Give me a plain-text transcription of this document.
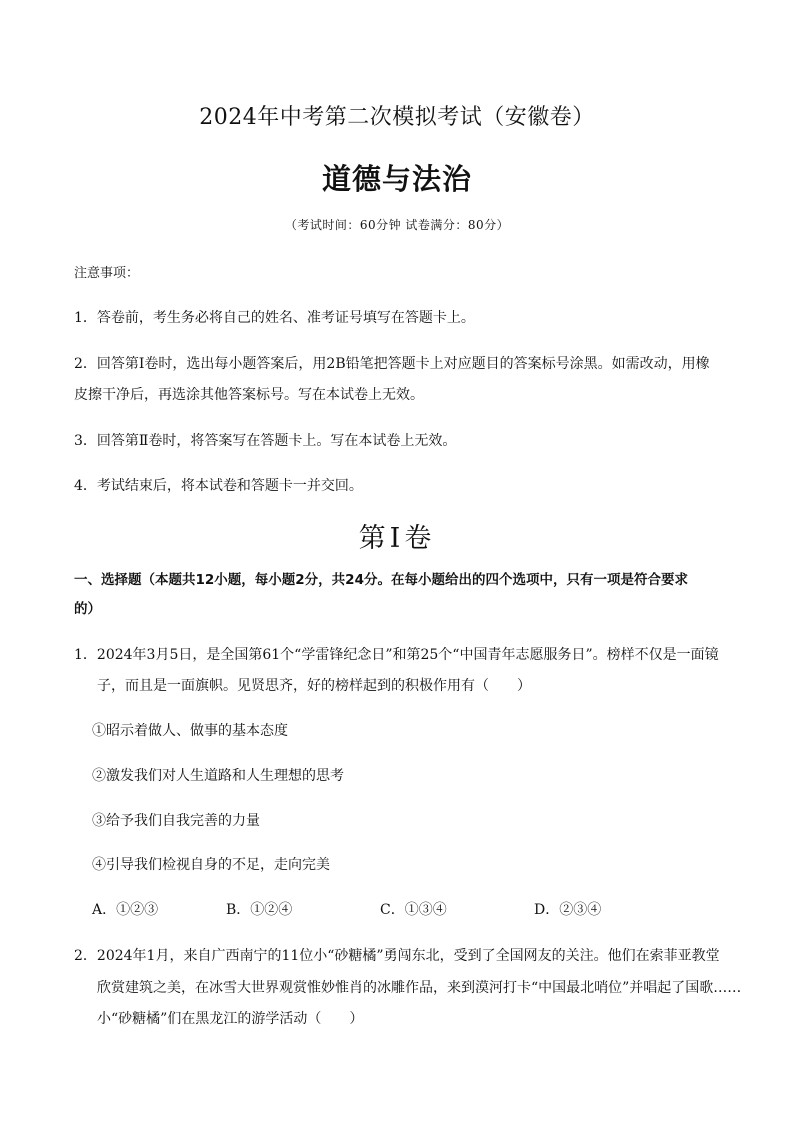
2024年中考第二次模拟考试（安徽卷）
道德与法治
（考试时间：60分钟 试卷满分：80分）
注意事项：
1．答卷前，考生务必将自己的姓名、准考证号填写在答题卡上。
2．回答第Ⅰ卷时，选出每小题答案后，用2B铅笔把答题卡上对应题目的答案标号涂黑。如需改动，用橡
皮擦干净后，再选涂其他答案标号。写在本试卷上无效。
3．回答第Ⅱ卷时，将答案写在答题卡上。写在本试卷上无效。
4．考试结束后，将本试卷和答题卡一并交回。
第Ⅰ卷
一、选择题（本题共12小题，每小题2分，共24分。在每小题给出的四个选项中，只有一项是符合要求
的）
1．2024年3月5日，是全国第61个“学雷锋纪念日”和第25个“中国青年志愿服务日”。榜样不仅是一面镜
子，而且是一面旗帜。见贤思齐，好的榜样起到的积极作用有（　　）
①昭示着做人、做事的基本态度
②激发我们对人生道路和人生理想的思考
③给予我们自我完善的力量
④引导我们检视自身的不足，走向完美
A．①②③	B．①②④	C．①③④	D．②③④
2．2024年1月，来自广西南宁的11位小“砂糖橘”勇闯东北，受到了全国网友的关注。他们在索菲亚教堂
欣赏建筑之美，在冰雪大世界观赏惟妙惟肖的冰雕作品，来到漠河打卡“中国最北哨位”并唱起了国歌……
小“砂糖橘”们在黑龙江的游学活动（　　）
